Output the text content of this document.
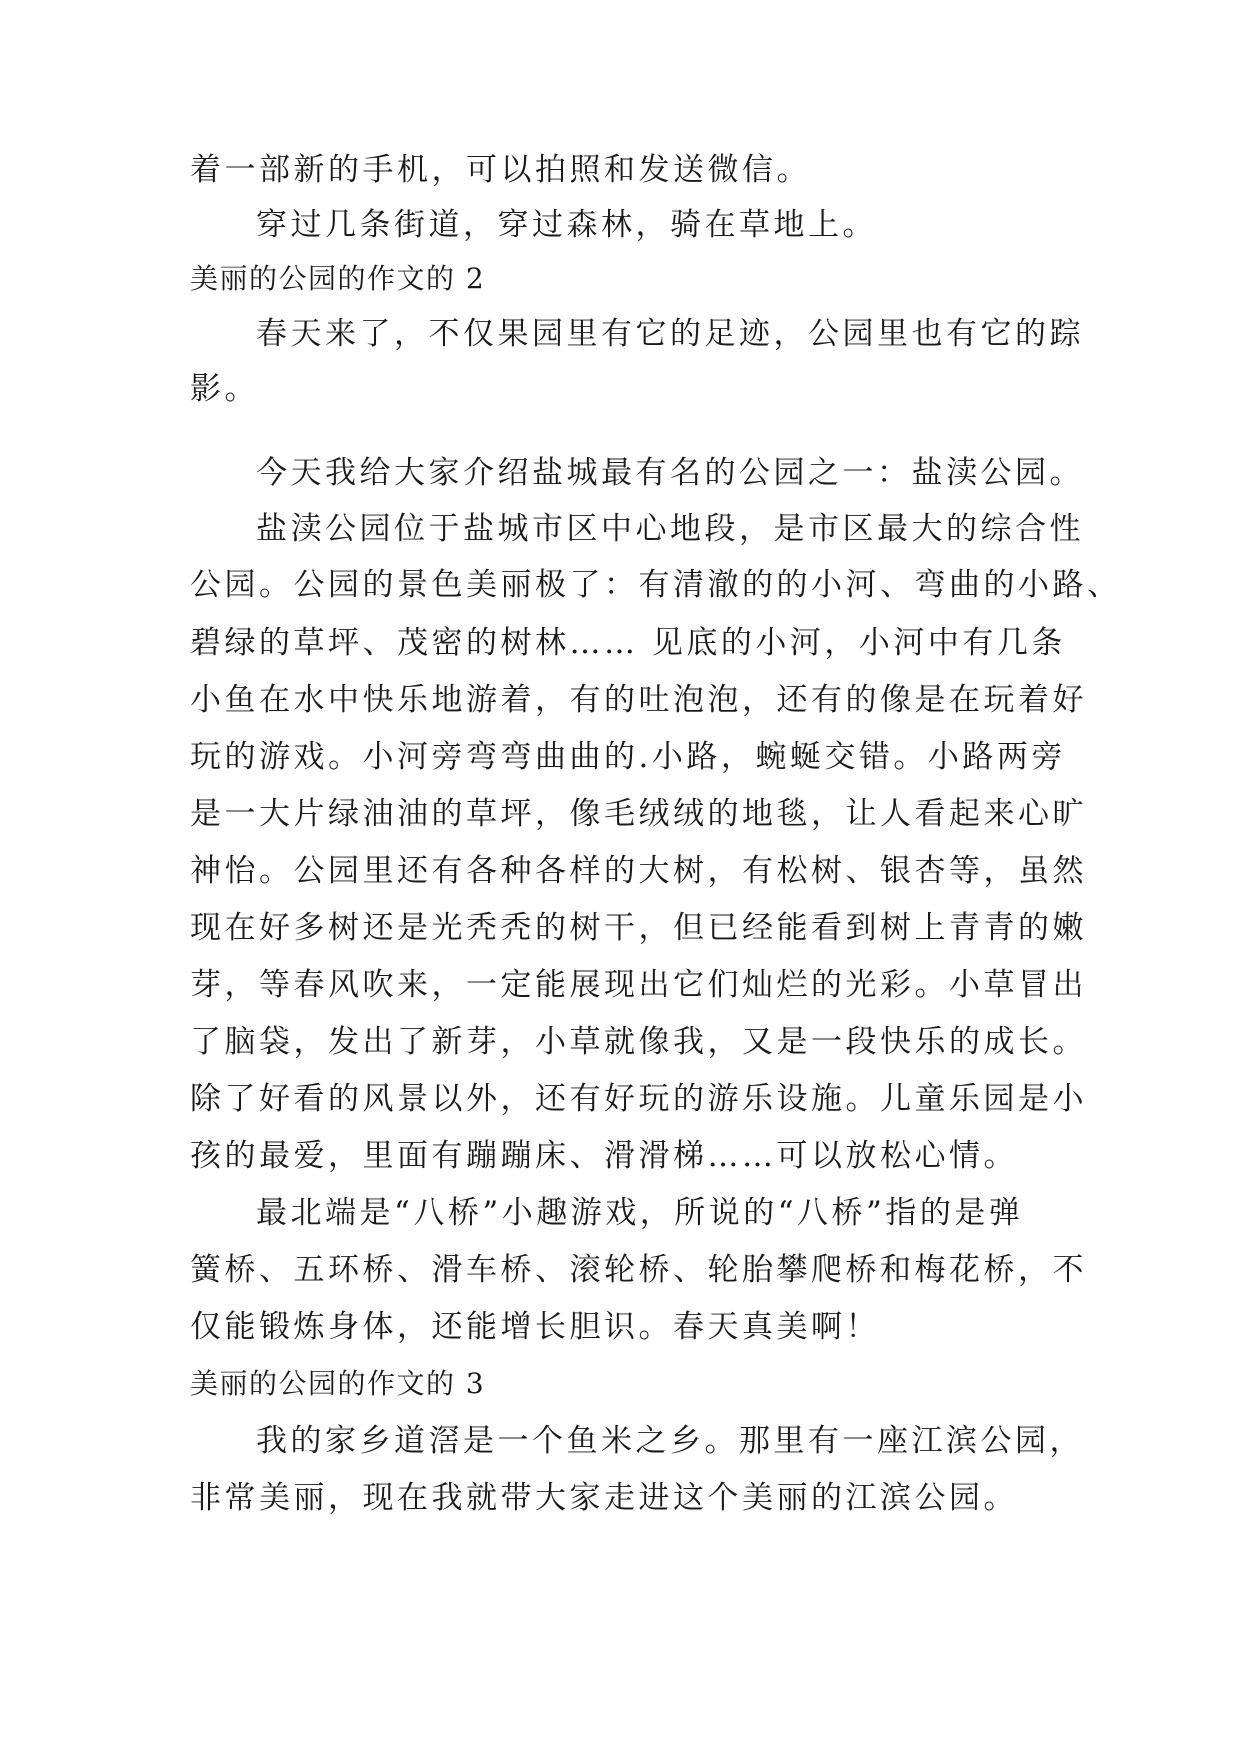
着一部新的手机，可以拍照和发送微信。
穿过几条街道，穿过森林，骑在草地上。
美丽的公园的作文的 2
春天来了，不仅果园里有它的足迹，公园里也有它的踪
影。
今天我给大家介绍盐城最有名的公园之一：盐渎公园。
盐渎公园位于盐城市区中心地段，是市区最大的综合性
公园。公园的景色美丽极了：有清澈的的小河、弯曲的小路、
碧绿的草坪、茂密的树林…… 见底的小河，小河中有几条
小鱼在水中快乐地游着，有的吐泡泡，还有的像是在玩着好
玩的游戏。小河旁弯弯曲曲的.小路，蜿蜒交错。小路两旁
是一大片绿油油的草坪，像毛绒绒的地毯，让人看起来心旷
神怡。公园里还有各种各样的大树，有松树、银杏等，虽然
现在好多树还是光秃秃的树干，但已经能看到树上青青的嫩
芽，等春风吹来，一定能展现出它们灿烂的光彩。小草冒出
了脑袋，发出了新芽，小草就像我，又是一段快乐的成长。
除了好看的风景以外，还有好玩的游乐设施。儿童乐园是小
孩的最爱，里面有蹦蹦床、滑滑梯……可以放松心情。
最北端是“八桥”小趣游戏，所说的“八桥”指的是弹
簧桥、五环桥、滑车桥、滚轮桥、轮胎攀爬桥和梅花桥，不
仅能锻炼身体，还能增长胆识。春天真美啊！
美丽的公园的作文的 3
我的家乡道滘是一个鱼米之乡。那里有一座江滨公园，
非常美丽，现在我就带大家走进这个美丽的江滨公园。
